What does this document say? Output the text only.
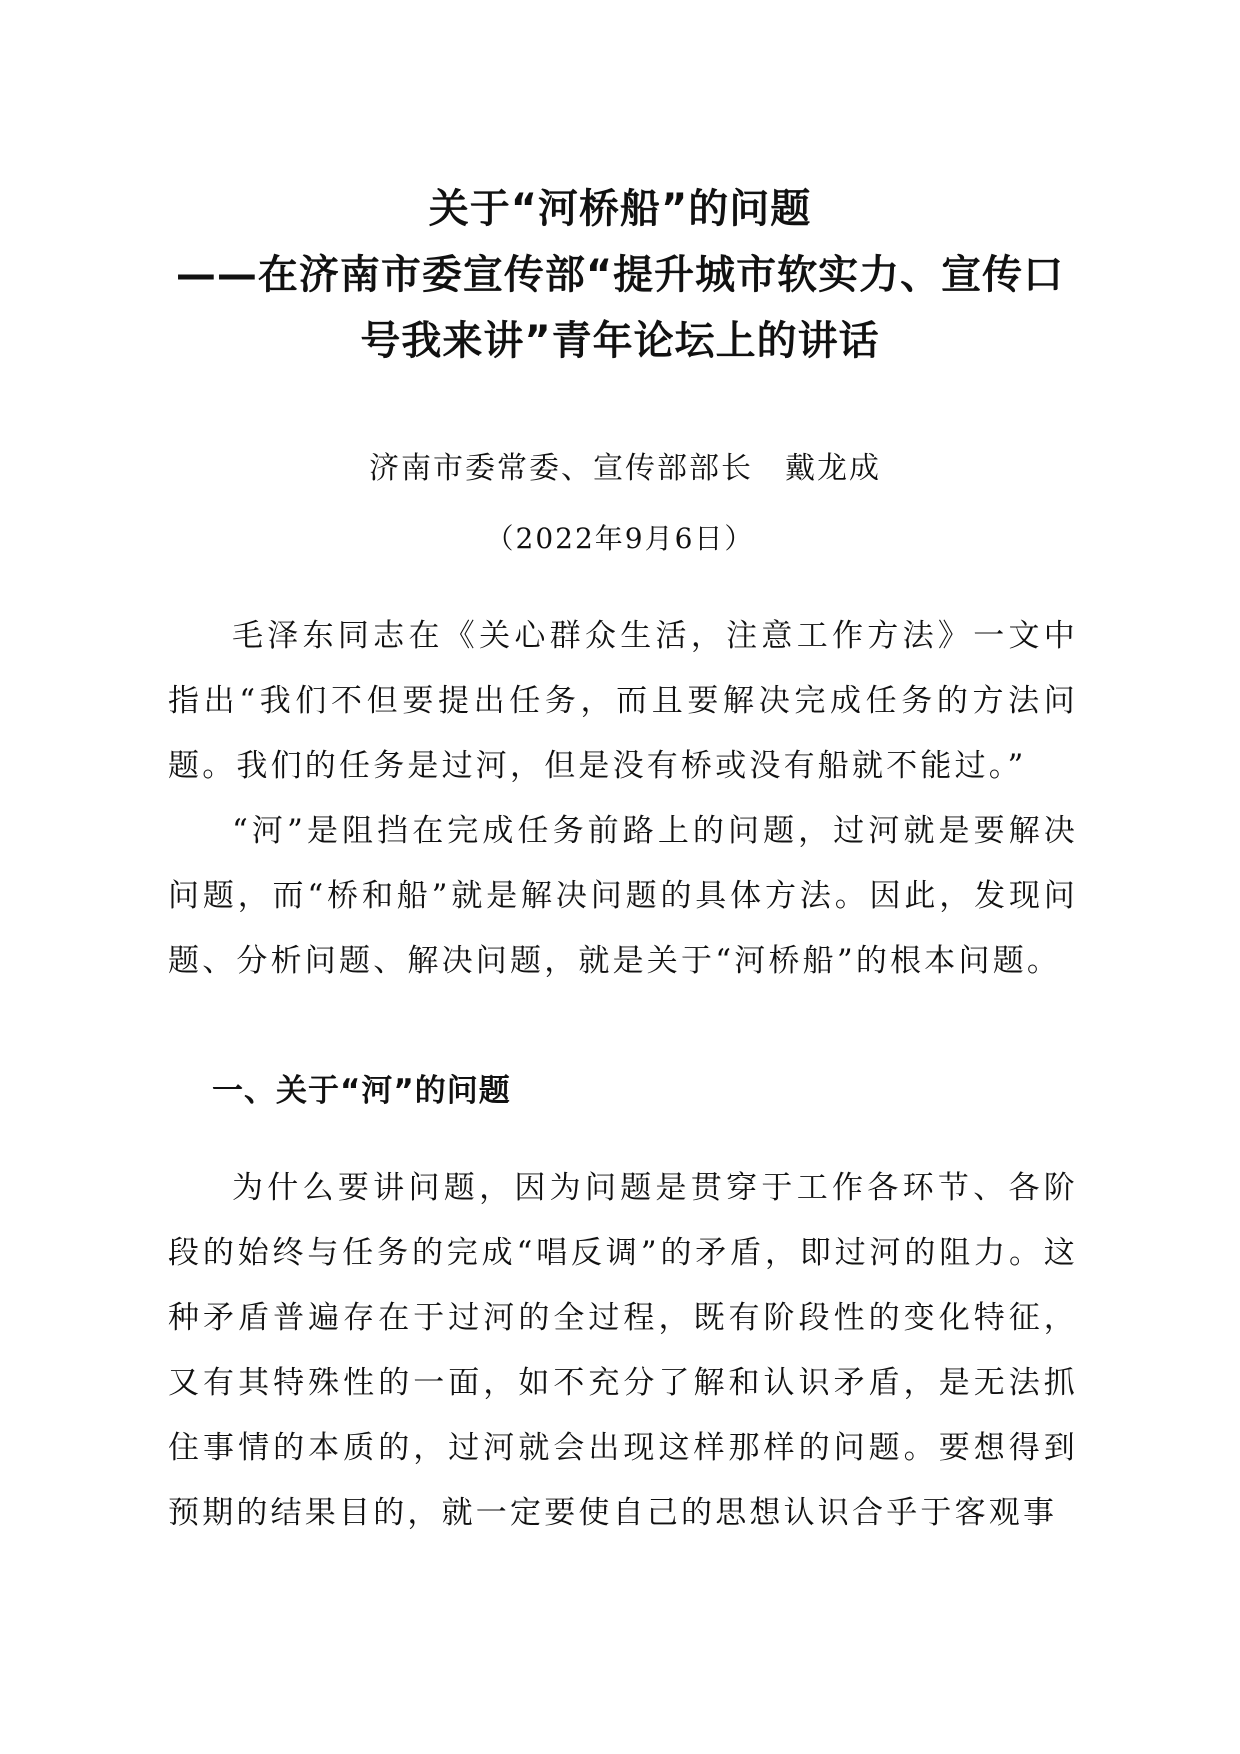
关于“河桥船”的问题
——在济南市委宣传部“提升城市软实力、宣传口
号我来讲”青年论坛上的讲话

济南市委常委、宣传部部长　戴龙成

（2022年9月6日）

毛泽东同志在《关心群众生活，注意工作方法》一文中指出“我们不但要提出任务，而且要解决完成任务的方法问题。我们的任务是过河，但是没有桥或没有船就不能过。”

“河”是阻挡在完成任务前路上的问题，过河就是要解决问题，而“桥和船”就是解决问题的具体方法。因此，发现问题、分析问题、解决问题，就是关于“河桥船”的根本问题。

一、关于“河”的问题

为什么要讲问题，因为问题是贯穿于工作各环节、各阶段的始终与任务的完成“唱反调”的矛盾，即过河的阻力。这种矛盾普遍存在于过河的全过程，既有阶段性的变化特征，又有其特殊性的一面，如不充分了解和认识矛盾，是无法抓住事情的本质的，过河就会出现这样那样的问题。要想得到预期的结果目的，就一定要使自己的思想认识合乎于客观事
